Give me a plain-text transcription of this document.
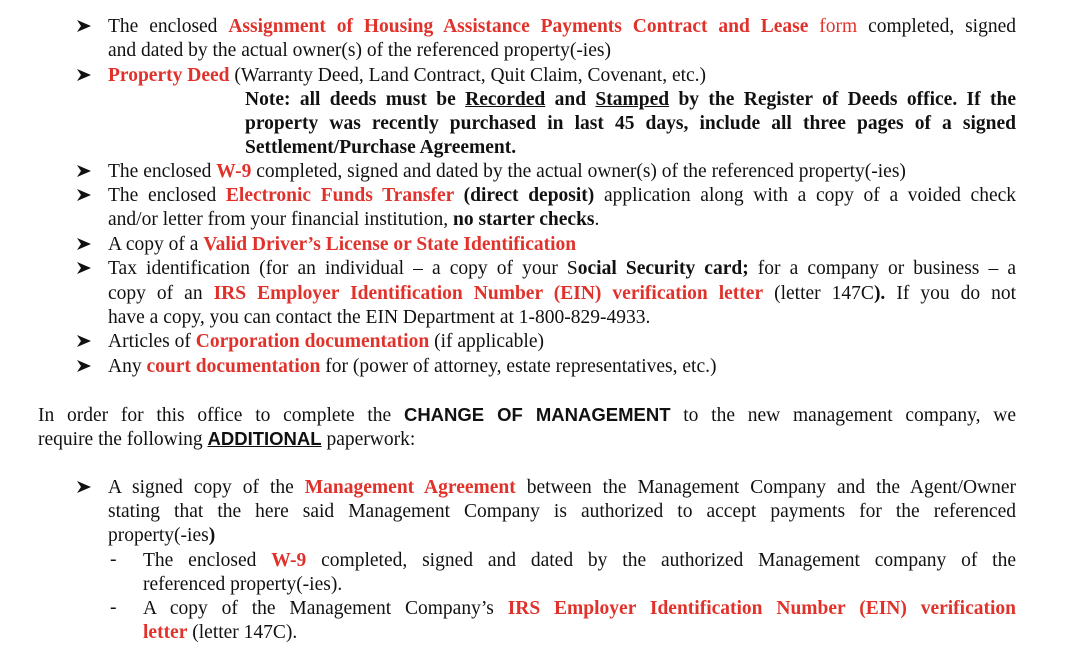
The enclosed Assignment of Housing Assistance Payments Contract and Lease form completed, signed
and dated by the actual owner(s) of the referenced property(-ies)
Property Deed (Warranty Deed, Land Contract, Quit Claim, Covenant, etc.)
Note: all deeds must be Recorded and Stamped by the Register of Deeds office. If the
property was recently purchased in last 45 days, include all three pages of a signed
Settlement/Purchase Agreement.
The enclosed W-9 completed, signed and dated by the actual owner(s) of the referenced property(-ies)
The enclosed Electronic Funds Transfer (direct deposit) application along with a copy of a voided check
and/or letter from your financial institution, no starter checks.
A copy of a Valid Driver’s License or State Identification
Tax identification (for an individual – a copy of your Social Security card; for a company or business – a
copy of an IRS Employer Identification Number (EIN) verification letter (letter 147C). If you do not
have a copy, you can contact the EIN Department at 1-800-829-4933.
Articles of Corporation documentation (if applicable)
Any court documentation for (power of attorney, estate representatives, etc.)
In order for this office to complete the CHANGE OF MANAGEMENT to the new management company, we
require the following ADDITIONAL paperwork:
A signed copy of the Management Agreement between the Management Company and the Agent/Owner
stating that the here said Management Company is authorized to accept payments for the referenced
property(-ies)
- The enclosed W-9 completed, signed and dated by the authorized Management company of the
referenced property(-ies).
- A copy of the Management Company’s IRS Employer Identification Number (EIN) verification
letter (letter 147C).
